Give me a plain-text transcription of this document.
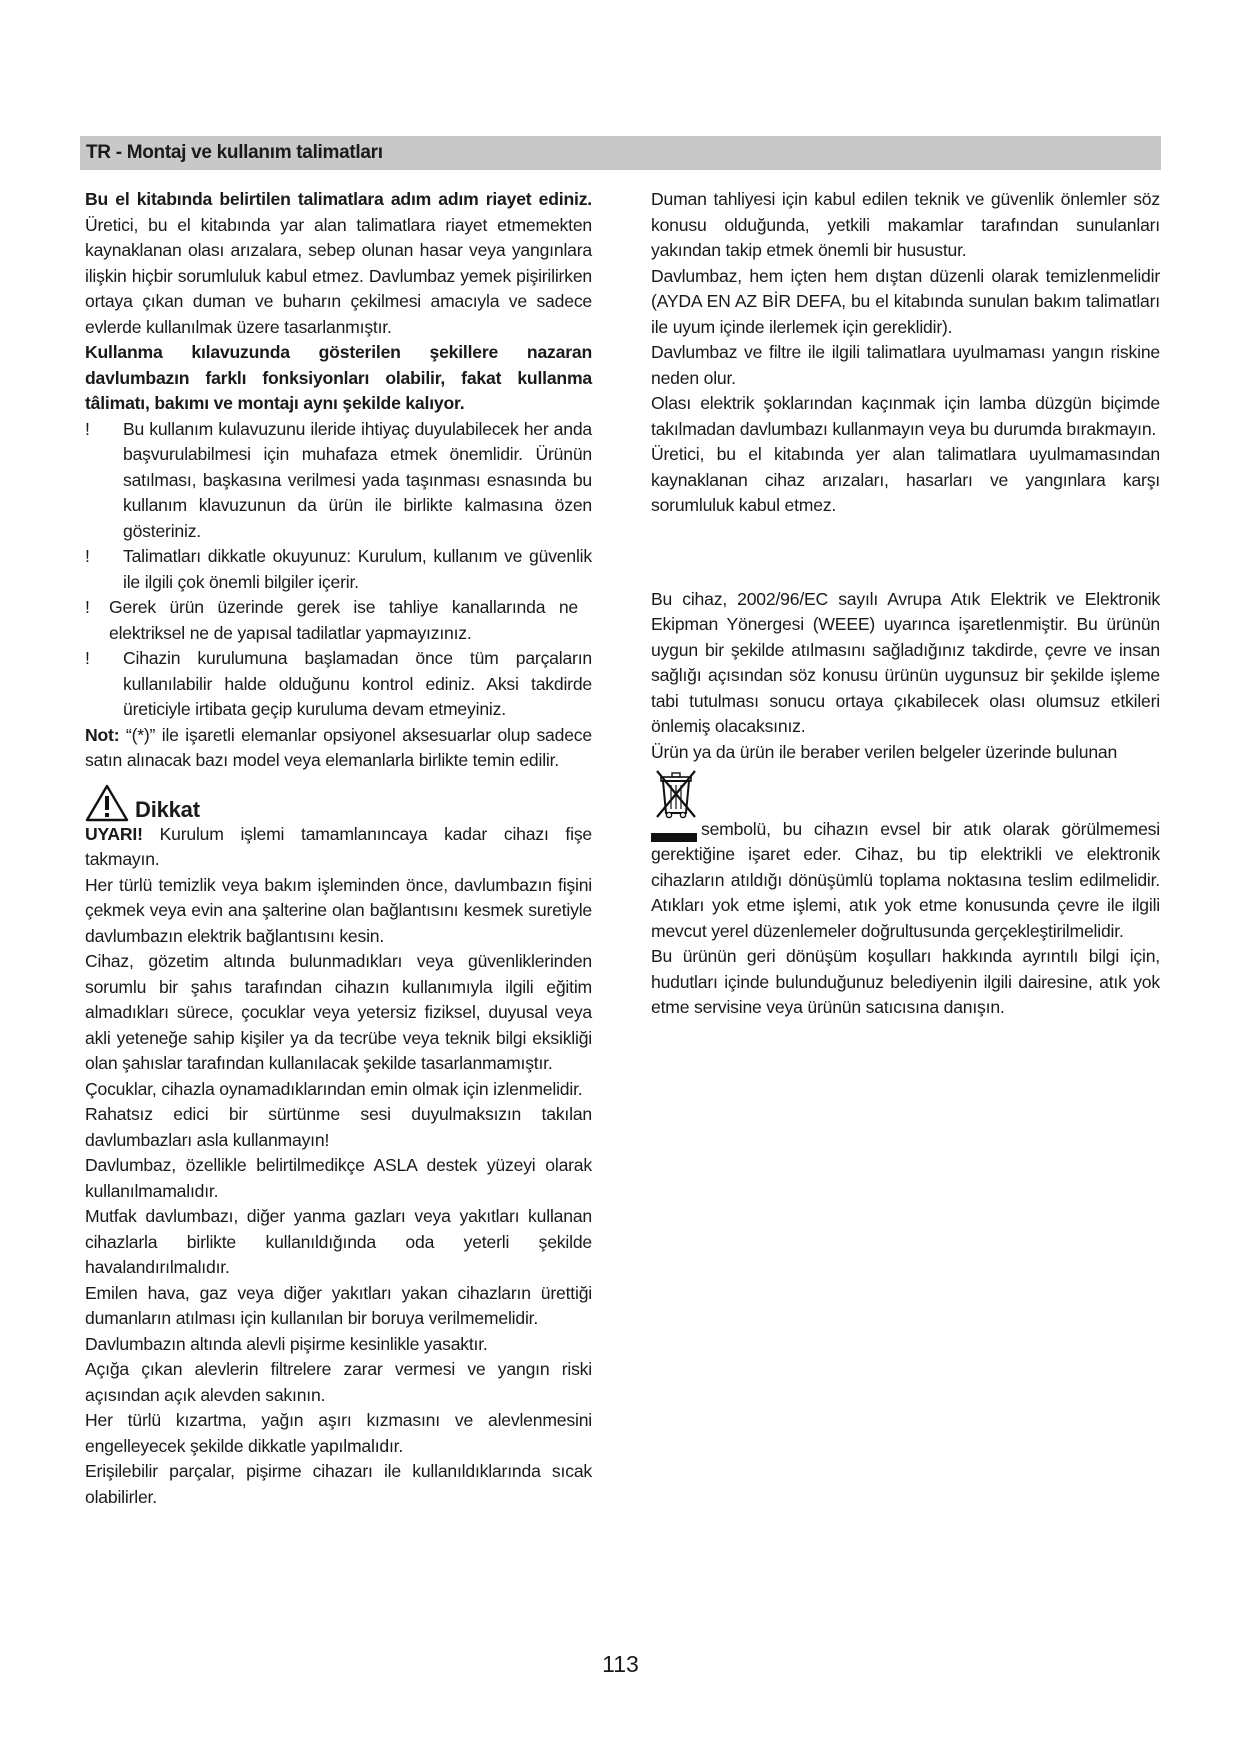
TR - Montaj ve kullanım talimatları

Bu el kitabında belirtilen talimatlara adım adım riayet ediniz. Üretici, bu el kitabında yar alan talimatlara riayet etmemekten kaynaklanan olası arızalara, sebep olunan hasar veya yangınlara ilişkin hiçbir sorumluluk kabul etmez. Davlumbaz yemek pişirilirken ortaya çıkan duman ve buharın çekilmesi amacıyla ve sadece evlerde kullanılmak üzere tasarlanmıştır.

Kullanma kılavuzunda gösterilen şekillere nazaran davlumbazın farklı fonksiyonları olabilir, fakat kullanma tâlimatı, bakımı ve montajı aynı şekilde kalıyor.

!	Bu kullanım kulavuzunu ileride ihtiyaç duyulabilecek her anda başvurulabilmesi için muhafaza etmek önemlidir. Ürünün satılması, başkasına verilmesi yada taşınması esnasında bu kullanım klavuzunun da ürün ile birlikte kalmasına özen gösteriniz.
!	Talimatları dikkatle okuyunuz: Kurulum, kullanım ve güvenlik ile ilgili çok önemli bilgiler içerir.
!	Gerek ürün üzerinde gerek ise tahliye kanallarında ne elektriksel ne de yapısal tadilatlar yapmayızınız.
!	Cihazin kurulumuna başlamadan önce tüm parçaların kullanılabilir halde olduğunu kontrol ediniz. Aksi takdirde üreticiyle irtibata geçip kuruluma devam etmeyiniz.

Not: “(*)” ile işaretli elemanlar opsiyonel aksesuarlar olup sadece satın alınacak bazı model veya elemanlarla birlikte temin edilir.

Dikkat

UYARI! Kurulum işlemi tamamlanıncaya kadar cihazı fişe takmayın.

Her türlü temizlik veya bakım işleminden önce, davlumbazın fişini çekmek veya evin ana şalterine olan bağlantısını kesmek suretiyle davlumbazın elektrik bağlantısını kesin.

Cihaz, gözetim altında bulunmadıkları veya güvenliklerinden sorumlu bir şahıs tarafından cihazın kullanımıyla ilgili eğitim almadıkları sürece, çocuklar veya yetersiz fiziksel, duyusal veya akli yeteneğe sahip kişiler ya da tecrübe veya teknik bilgi eksikliği olan şahıslar tarafından kullanılacak şekilde tasarlanmamıştır.

Çocuklar, cihazla oynamadıklarından emin olmak için izlenmelidir.

Rahatsız edici bir sürtünme sesi duyulmaksızın takılan davlumbazları asla kullanmayın!

Davlumbaz, özellikle belirtilmedikçe ASLA destek yüzeyi olarak kullanılmamalıdır.

Mutfak davlumbazı, diğer yanma gazları veya yakıtları kullanan cihazlarla birlikte kullanıldığında oda yeterli şekilde havalandırılmalıdır.

Emilen hava, gaz veya diğer yakıtları yakan cihazların ürettiği dumanların atılması için kullanılan bir boruya verilmemelidir.

Davlumbazın altında alevli pişirme kesinlikle yasaktır.

Açığa çıkan alevlerin filtrelere zarar vermesi ve yangın riski açısından açık alevden sakının.

Her türlü kızartma, yağın aşırı kızmasını ve alevlenmesini engelleyecek şekilde dikkatle yapılmalıdır.

Erişilebilir parçalar, pişirme cihazarı ile kullanıldıklarında sıcak olabilirler.

Duman tahliyesi için kabul edilen teknik ve güvenlik önlemler söz konusu olduğunda, yetkili makamlar tarafından sunulanları yakından takip etmek önemli bir husustur.

Davlumbaz, hem içten hem dıştan düzenli olarak temizlenmelidir (AYDA EN AZ BİR DEFA, bu el kitabında sunulan bakım talimatları ile uyum içinde ilerlemek için gereklidir).

Davlumbaz ve filtre ile ilgili talimatlara uyulmaması yangın riskine neden olur.

Olası elektrik şoklarından kaçınmak için lamba düzgün biçimde takılmadan davlumbazı kullanmayın veya bu durumda bırakmayın.

Üretici, bu el kitabında yer alan talimatlara uyulmamasından kaynaklanan cihaz arızaları, hasarları ve yangınlara karşı sorumluluk kabul etmez.

Bu cihaz, 2002/96/EC sayılı Avrupa Atık Elektrik ve Elektronik Ekipman Yönergesi (WEEE) uyarınca işaretlenmiştir. Bu ürünün uygun bir şekilde atılmasını sağladığınız takdirde, çevre ve insan sağlığı açısından söz konusu ürünün uygunsuz bir şekilde işleme tabi tutulması sonucu ortaya çıkabilecek olası olumsuz etkileri önlemiş olacaksınız.

Ürün ya da ürün ile beraber verilen belgeler üzerinde bulunan

sembolü, bu cihazın evsel bir atık olarak görülmemesi gerektiğine işaret eder. Cihaz, bu tip elektrikli ve elektronik cihazların atıldığı dönüşümlü toplama noktasına teslim edilmelidir. Atıkları yok etme işlemi, atık yok etme konusunda çevre ile ilgili mevcut yerel düzenlemeler doğrultusunda gerçekleştirilmelidir.

Bu ürünün geri dönüşüm koşulları hakkında ayrıntılı bilgi için, hudutları içinde bulunduğunuz belediyenin ilgili dairesine, atık yok etme servisine veya ürünün satıcısına danışın.

113
